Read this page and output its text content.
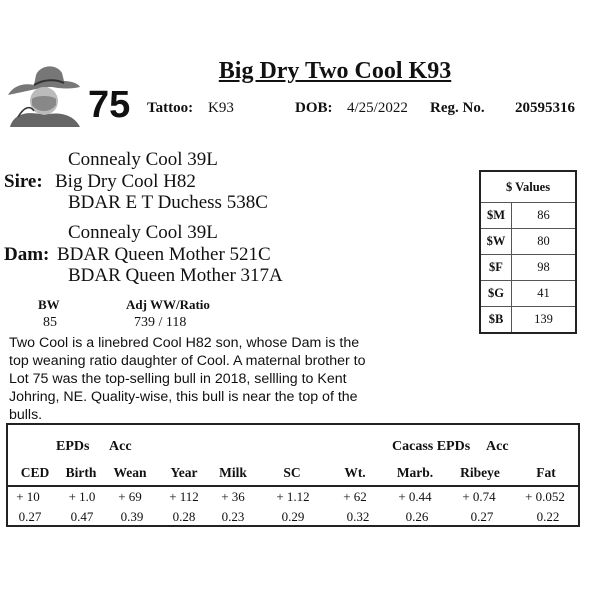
Big Dry Two Cool K93
75 Tattoo: K93	DOB: 4/25/2022 Reg. No. 20595316
Connealy Cool 39L
Sire: Big Dry Cool H82
BDAR E T Duchess 538C
Connealy Cool 39L
Dam: BDAR Queen Mother 521C
BDAR Queen Mother 317A
BW
85
Adj WW/Ratio
739 / 118
$ Values	
$M	86
$W	80
$F	98
$G	41
$B	139
Two Cool is a linebred Cool H82 son, whose Dam is the top weaning ratio daughter of Cool. A maternal brother to Lot 75 was the top-selling bull in 2018, sellling to Kent Johring, NE. Quality-wise, this bull is near the top of the bulls.
EPDs Acc	Cacass EPDs Acc
CED	Birth	Wean	Year	Milk	SC	Wt.	Marb.	Ribeye	Fat
+ 10	+ 1.0	+ 69	+ 112	+ 36	+ 1.12	+ 62	+ 0.44	+ 0.74	+ 0.052
0.27	0.47	0.39	0.28	0.23	0.29	0.32	0.26	0.27	0.22
